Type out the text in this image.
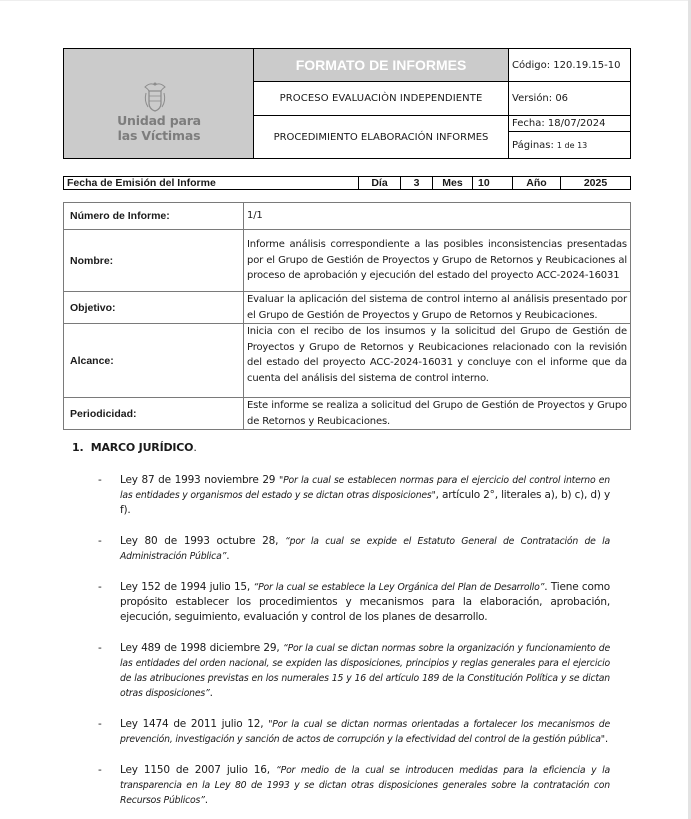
Unidad para
las Víctimas
FORMATO DE INFORMES
PROCESO EVALUACIÒN INDEPENDIENTE
PROCEDIMIENTO ELABORACIÓN INFORMES
Código: 120.19.15-10
Versión: 06
Fecha: 18/07/2024
Páginas: 1 de 13
Fecha de Emisión del Informe	Día	3	Mes	10	Año	2025
Número de Informe:	1/1
Nombre:	Informe análisis correspondiente a las posibles inconsistencias presentadas por el Grupo de Gestión de Proyectos y Grupo de Retornos y Reubicaciones al proceso de aprobación y ejecución del estado del proyecto ACC-2024-16031
Objetivo:	Evaluar la aplicación del sistema de control interno al análisis presentado por el Grupo de Gestión de Proyectos y Grupo de Retornos y Reubicaciones.
Alcance:	Inicia con el recibo de los insumos y la solicitud del Grupo de Gestión de Proyectos y Grupo de Retornos y Reubicaciones relacionado con la revisión del estado del proyecto ACC-2024-16031 y concluye con el informe que da cuenta del análisis del sistema de control interno.
Periodicidad:	Este informe se realiza a solicitud del Grupo de Gestión de Proyectos y Grupo de Retornos y Reubicaciones.
1. MARCO JURÍDICO.
- Ley 87 de 1993 noviembre 29 "Por la cual se establecen normas para el ejercicio del control interno en las entidades y organismos del estado y se dictan otras disposiciones", artículo 2°, literales a), b) c), d) y f).
- Ley 80 de 1993 octubre 28, “por la cual se expide el Estatuto General de Contratación de la Administración Pública”.
- Ley 152 de 1994 julio 15, “Por la cual se establece la Ley Orgánica del Plan de Desarrollo”. Tiene como propósito establecer los procedimientos y mecanismos para la elaboración, aprobación, ejecución, seguimiento, evaluación y control de los planes de desarrollo.
- Ley 489 de 1998 diciembre 29, “Por la cual se dictan normas sobre la organización y funcionamiento de las entidades del orden nacional, se expiden las disposiciones, principios y reglas generales para el ejercicio de las atribuciones previstas en los numerales 15 y 16 del artículo 189 de la Constitución Política y se dictan otras disposiciones”.
- Ley 1474 de 2011 julio 12, "Por la cual se dictan normas orientadas a fortalecer los mecanismos de prevención, investigación y sanción de actos de corrupción y la efectividad del control de la gestión pública".
- Ley 1150 de 2007 julio 16, “Por medio de la cual se introducen medidas para la eficiencia y la transparencia en la Ley 80 de 1993 y se dictan otras disposiciones generales sobre la contratación con Recursos Públicos”.
